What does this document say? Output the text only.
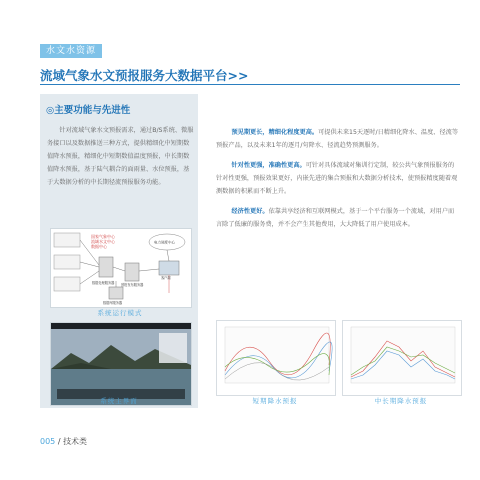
水文水资源
流域气象水文预报服务大数据平台>>
◎主要功能与先进性

针对流域气象水文预报需求，通过B/S系统、微服务接口以及数据推送三种方式，提供精细化中短期数值降水预报，精细化中短期数值温度预报，中长期数值降水预报，基于陆气耦合的面雨量、水位预报，基于大数据分析的中长期径流预报服务功能。

国家气象中心
流域水文中心
数据中心
电力调度中心
数据处理服务器 预报发布服务器
客户端
数据库服务器
系统运行模式
系统主界面

预见期更长，精细化程度更高。可提供未来15天逐时/日精细化降水、温度、径流等预报产品，以及未来1年的逐月/句降水、径流趋势预测服务。

针对性更强，准确性更高。可针对具体流域对集训行定制，较公共气象预报服务的针对性更强，预报效果更好，内嵌先进的集合预报和大数据分析技术，使预报精度随着观测数据的积累而不断上升。

经济性更好。依靠共享经济和互联网模式，基于一个平台服务一个流域，对用户而言除了低廉的服务费，并不会产生其他费用，大大降低了用户使用成本。

短期降水预报	中长期降水预报
005 / 技术类
